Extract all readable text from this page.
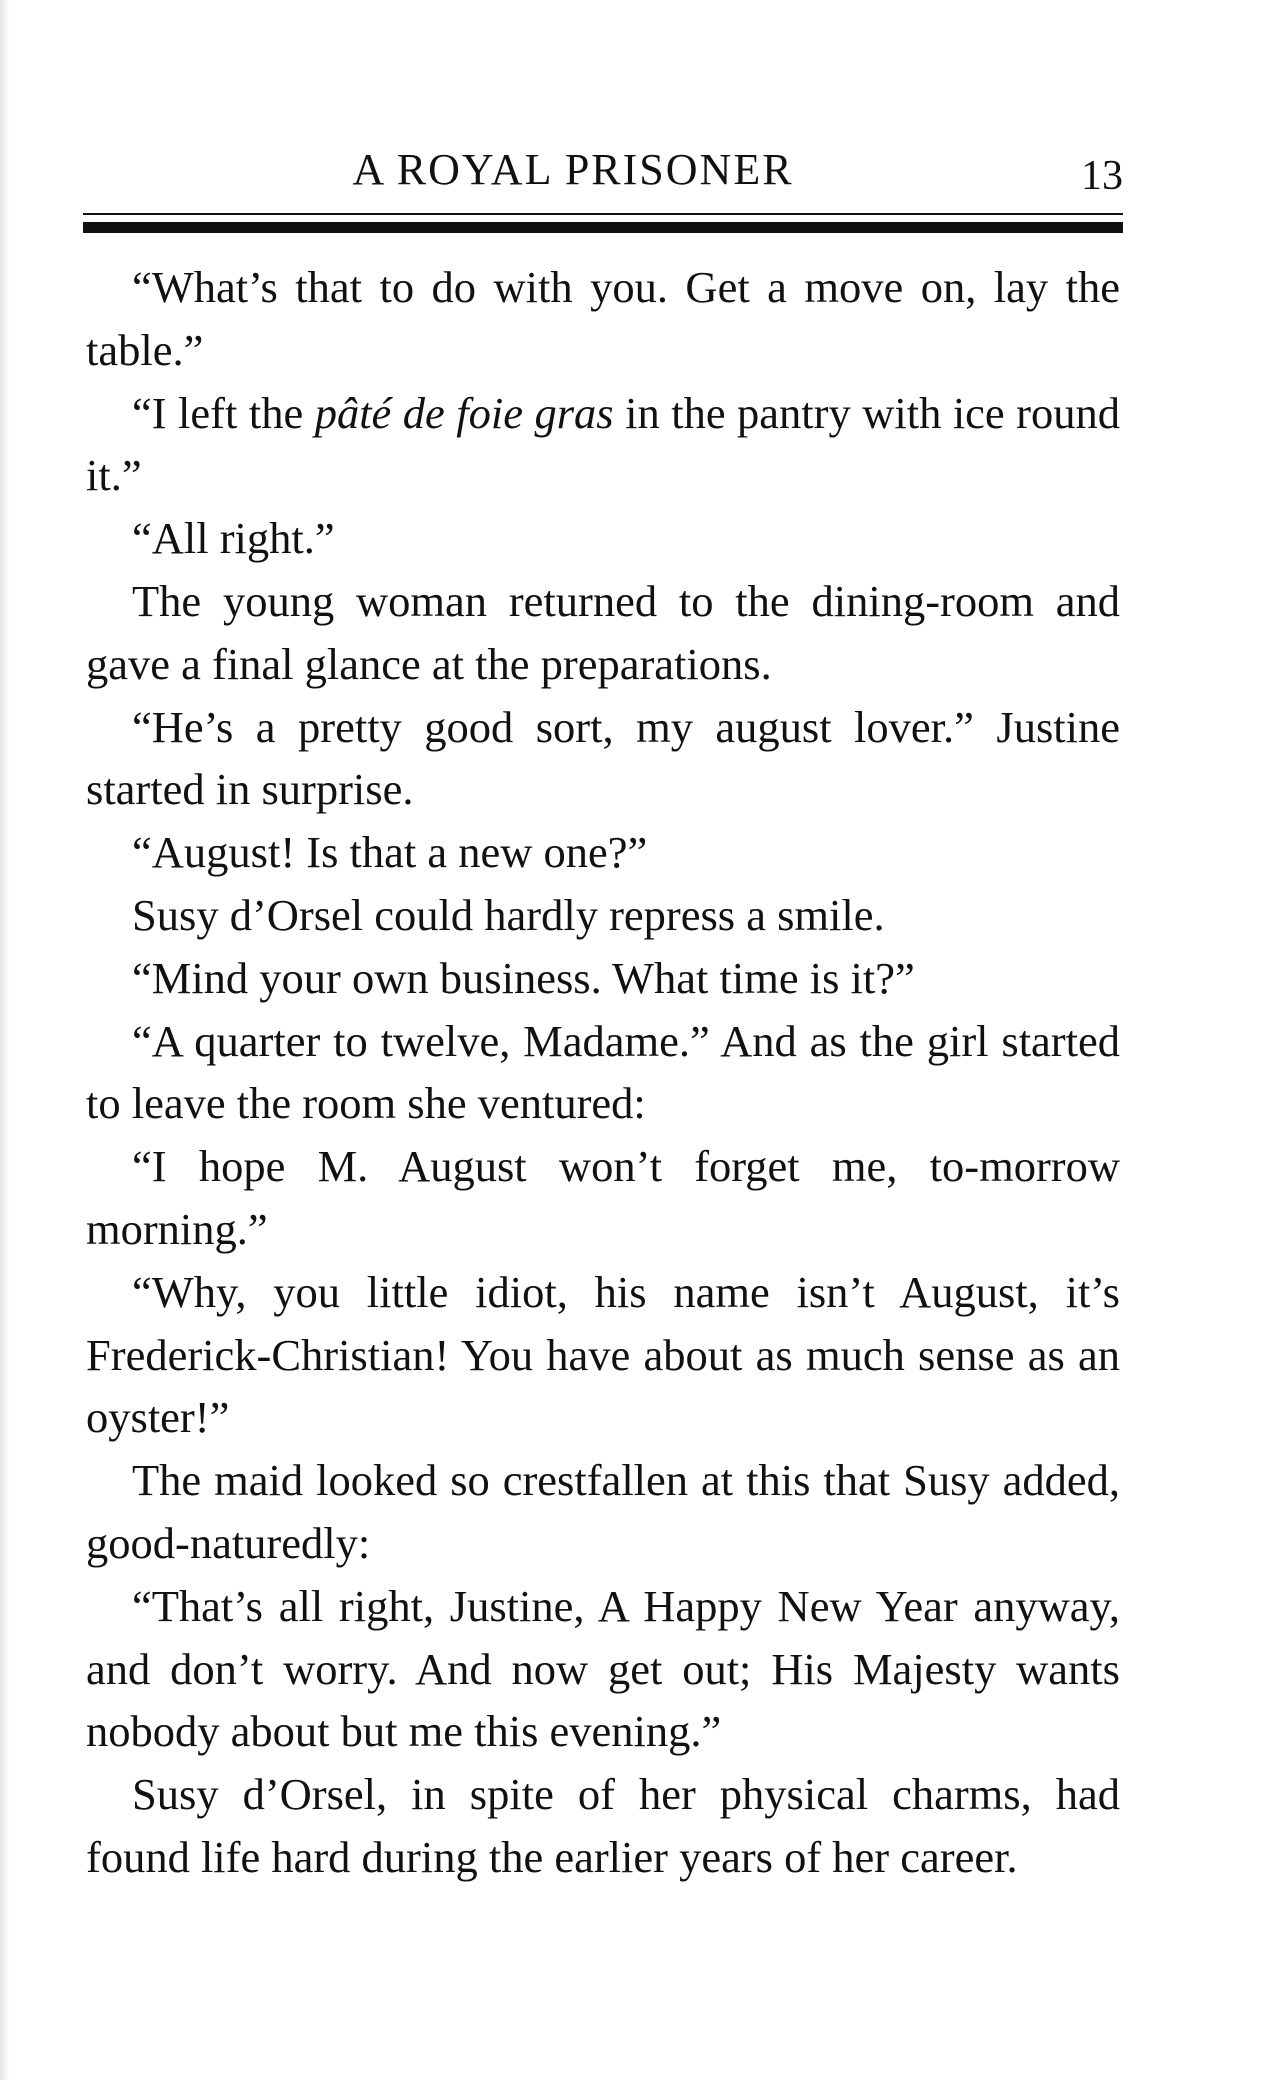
A ROYAL PRISONER	13

“What’s that to do with you. Get a move on, lay the table.”

“I left the pâté de foie gras in the pantry with ice round it.”

“All right.”

The young woman returned to the dining-room and gave a final glance at the preparations.

“He’s a pretty good sort, my august lover.” Justine started in surprise.

“August! Is that a new one?”

Susy d’Orsel could hardly repress a smile.

“Mind your own business. What time is it?”

“A quarter to twelve, Madame.” And as the girl started to leave the room she ventured:

“I hope M. August won’t forget me, to-morrow morning.”

“Why, you little idiot, his name isn’t August, it’s Frederick-Christian! You have about as much sense as an oyster!”

The maid looked so crestfallen at this that Susy added, good-naturedly:

“That’s all right, Justine, A Happy New Year anyway, and don’t worry. And now get out; His Majesty wants nobody about but me this evening.”

Susy d’Orsel, in spite of her physical charms, had found life hard during the earlier years of her career.
